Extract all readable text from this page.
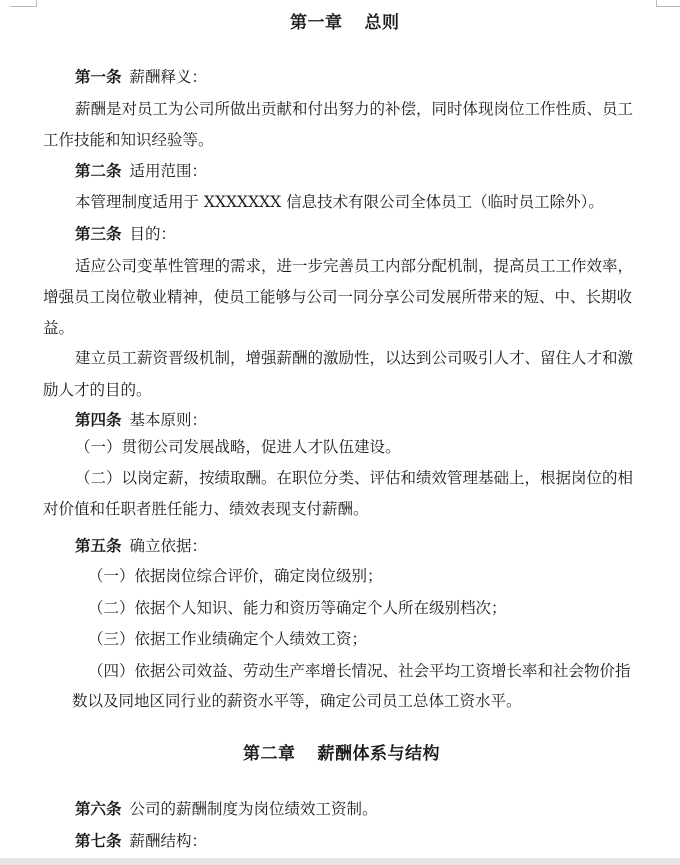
第一章 总则
第一条 薪酬释义：
薪酬是对员工为公司所做出贡献和付出努力的补偿，同时体现岗位工作性质、员工
工作技能和知识经验等。
第二条 适用范围：
本管理制度适用于 XXXXXXX 信息技术有限公司全体员工（临时员工除外）。
第三条 目的：
适应公司变革性管理的需求，进一步完善员工内部分配机制，提高员工工作效率，
增强员工岗位敬业精神，使员工能够与公司一同分享公司发展所带来的短、中、长期收
益。
建立员工薪资晋级机制，增强薪酬的激励性，以达到公司吸引人才、留住人才和激
励人才的目的。
第四条 基本原则：
（一）贯彻公司发展战略，促进人才队伍建设。
（二）以岗定薪，按绩取酬。在职位分类、评估和绩效管理基础上，根据岗位的相
对价值和任职者胜任能力、绩效表现支付薪酬。
第五条 确立依据：
（一）依据岗位综合评价，确定岗位级别；
（二）依据个人知识、能力和资历等确定个人所在级别档次；
（三）依据工作业绩确定个人绩效工资；
（四）依据公司效益、劳动生产率增长情况、社会平均工资增长率和社会物价指
数以及同地区同行业的薪资水平等，确定公司员工总体工资水平。
第二章 薪酬体系与结构
第六条 公司的薪酬制度为岗位绩效工资制。
第七条 薪酬结构：
